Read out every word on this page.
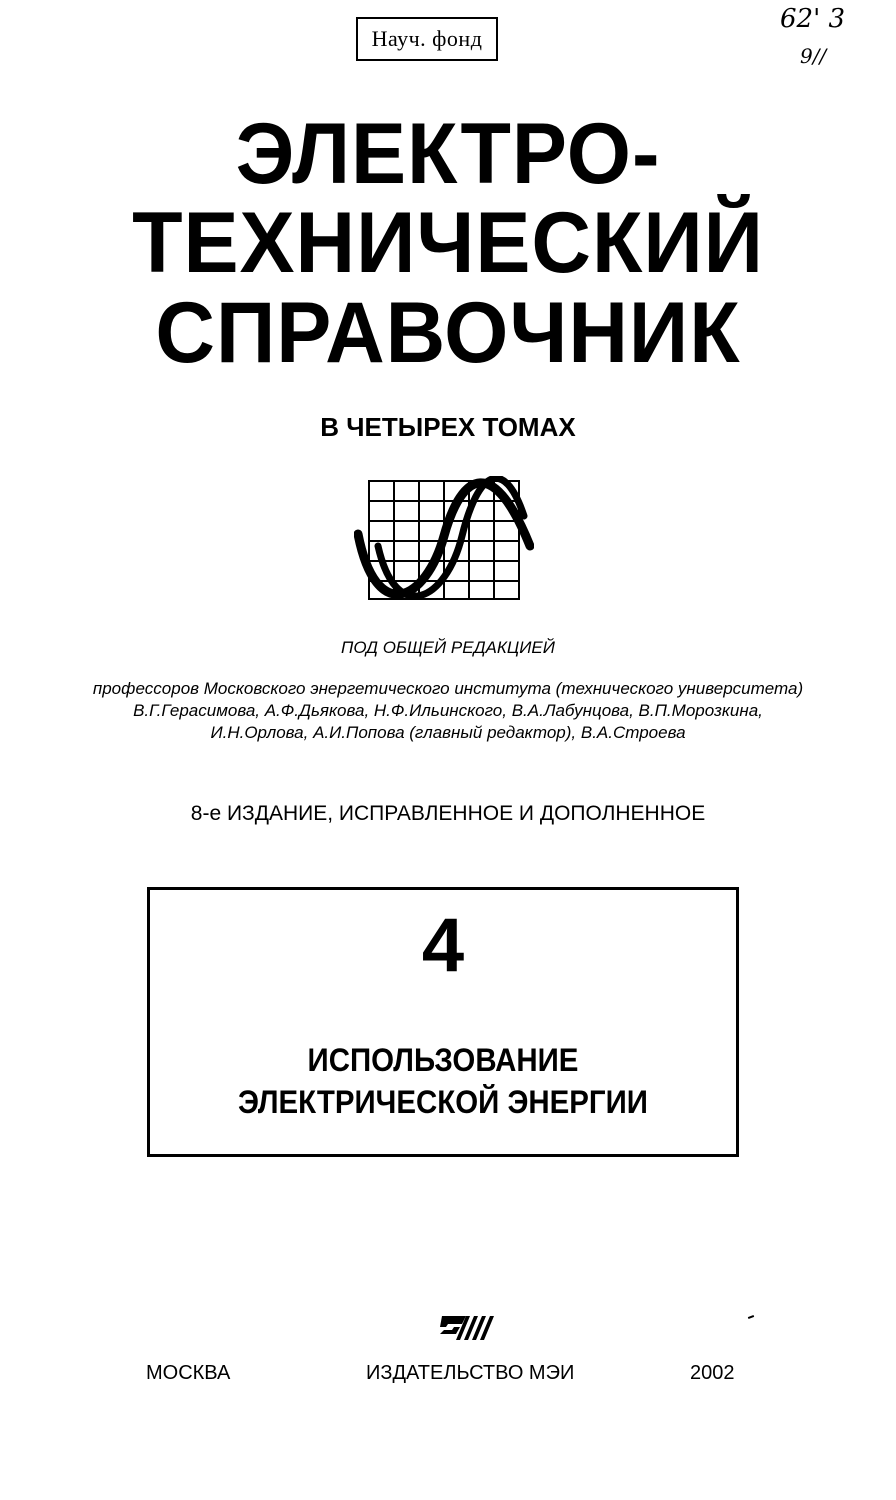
Науч. фонд
62' 3
9//
ЭЛЕКТРО-
ТЕХНИЧЕСКИЙ
СПРАВОЧНИК
В ЧЕТЫРЕХ ТОМАХ
ПОД ОБЩЕЙ РЕДАКЦИЕЙ
профессоров Московского энергетического института (технического университета)
В.Г.Герасимова, А.Ф.Дьякова, Н.Ф.Ильинского, В.А.Лабунцова, В.П.Морозкина,
И.Н.Орлова, А.И.Попова (главный редактор), В.А.Строева
8-е ИЗДАНИЕ, ИСПРАВЛЕННОЕ И ДОПОЛНЕННОЕ
4
ИСПОЛЬЗОВАНИЕ
ЭЛЕКТРИЧЕСКОЙ ЭНЕРГИИ
МОСКВА	ИЗДАТЕЛЬСТВО МЭИ	2002
